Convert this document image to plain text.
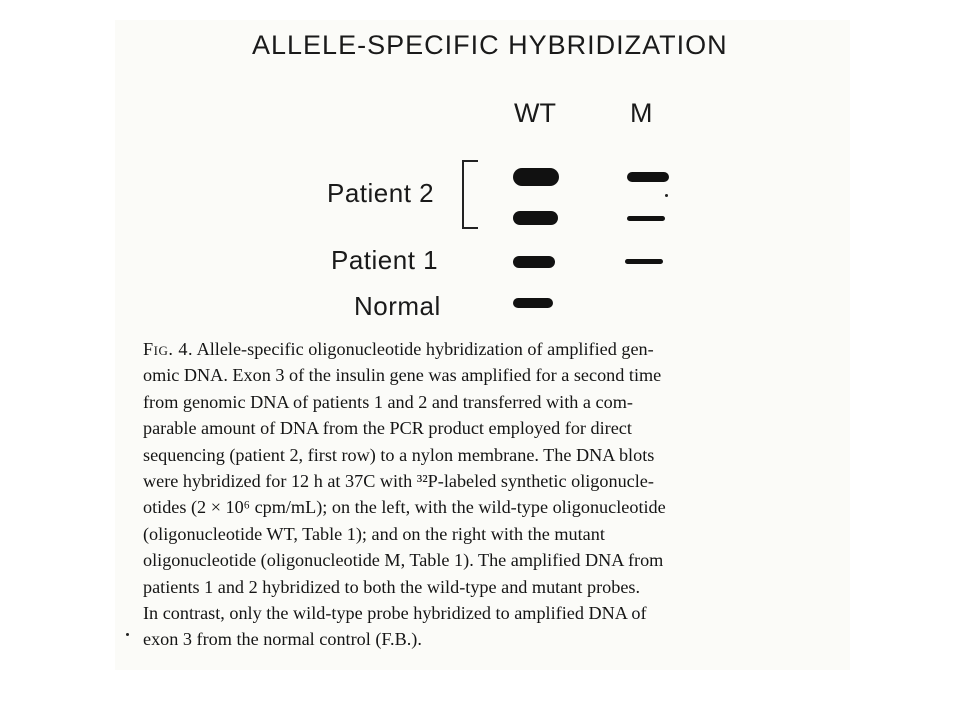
ALLELE-SPECIFIC HYBRIDIZATION
WT	M
Patient 2
Patient 1
Normal
Fig. 4. Allele-specific oligonucleotide hybridization of amplified gen-
omic DNA. Exon 3 of the insulin gene was amplified for a second time
from genomic DNA of patients 1 and 2 and transferred with a com-
parable amount of DNA from the PCR product employed for direct
sequencing (patient 2, first row) to a nylon membrane. The DNA blots
were hybridized for 12 h at 37C with ³²P-labeled synthetic oligonucle-
otides (2 × 10⁶ cpm/mL); on the left, with the wild-type oligonucleotide
(oligonucleotide WT, Table 1); and on the right with the mutant
oligonucleotide (oligonucleotide M, Table 1). The amplified DNA from
patients 1 and 2 hybridized to both the wild-type and mutant probes.
In contrast, only the wild-type probe hybridized to amplified DNA of
exon 3 from the normal control (F.B.).
